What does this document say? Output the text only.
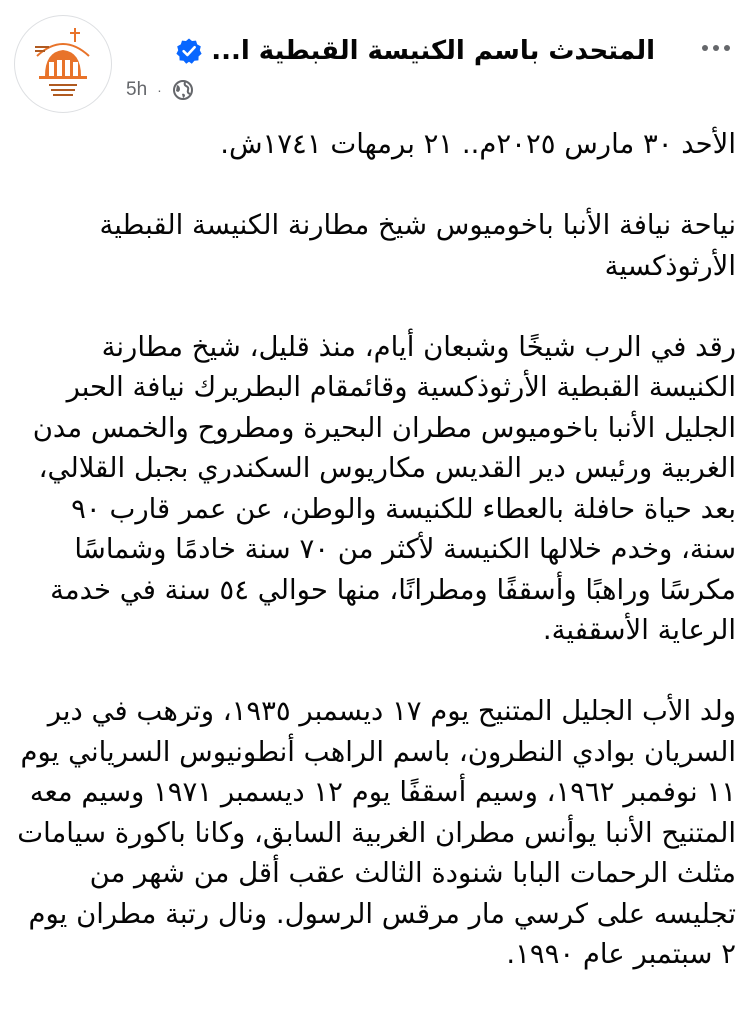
المتحدث باسم الكنيسة القبطية ا...
5h ·

الأحد ٣٠ مارس ٢٠٢٥م.. ٢١ برمهات ١٧٤١ش.

نياحة نيافة الأنبا باخوميوس شيخ مطارنة الكنيسة القبطية الأرثوذكسية

رقد في الرب شيخًا وشبعان أيام، منذ قليل، شيخ مطارنة الكنيسة القبطية الأرثوذكسية وقائمقام البطريرك نيافة الحبر الجليل الأنبا باخوميوس مطران البحيرة ومطروح والخمس مدن الغربية ورئيس دير القديس مكاريوس السكندري بجبل القلالي، بعد حياة حافلة بالعطاء للكنيسة والوطن، عن عمر قارب ٩٠ سنة، وخدم خلالها الكنيسة لأكثر من ٧٠ سنة خادمًا وشماسًا مكرسًا وراهبًا وأسقفًا ومطرانًا، منها حوالي ٥٤ سنة في خدمة الرعاية الأسقفية.

ولد الأب الجليل المتنيح يوم ١٧ ديسمبر ١٩٣٥، وترهب في دير السريان بوادي النطرون، باسم الراهب أنطونيوس السرياني يوم ١١ نوفمبر ١٩٦٢، وسيم أسقفًا يوم ١٢ ديسمبر ١٩٧١ وسيم معه المتنيح الأنبا يوأنس مطران الغربية السابق، وكانا باكورة سيامات مثلث الرحمات البابا شنودة الثالث عقب أقل من شهر من تجليسه على كرسي مار مرقس الرسول. ونال رتبة مطران يوم ٢ سبتمبر عام ١٩٩٠.
